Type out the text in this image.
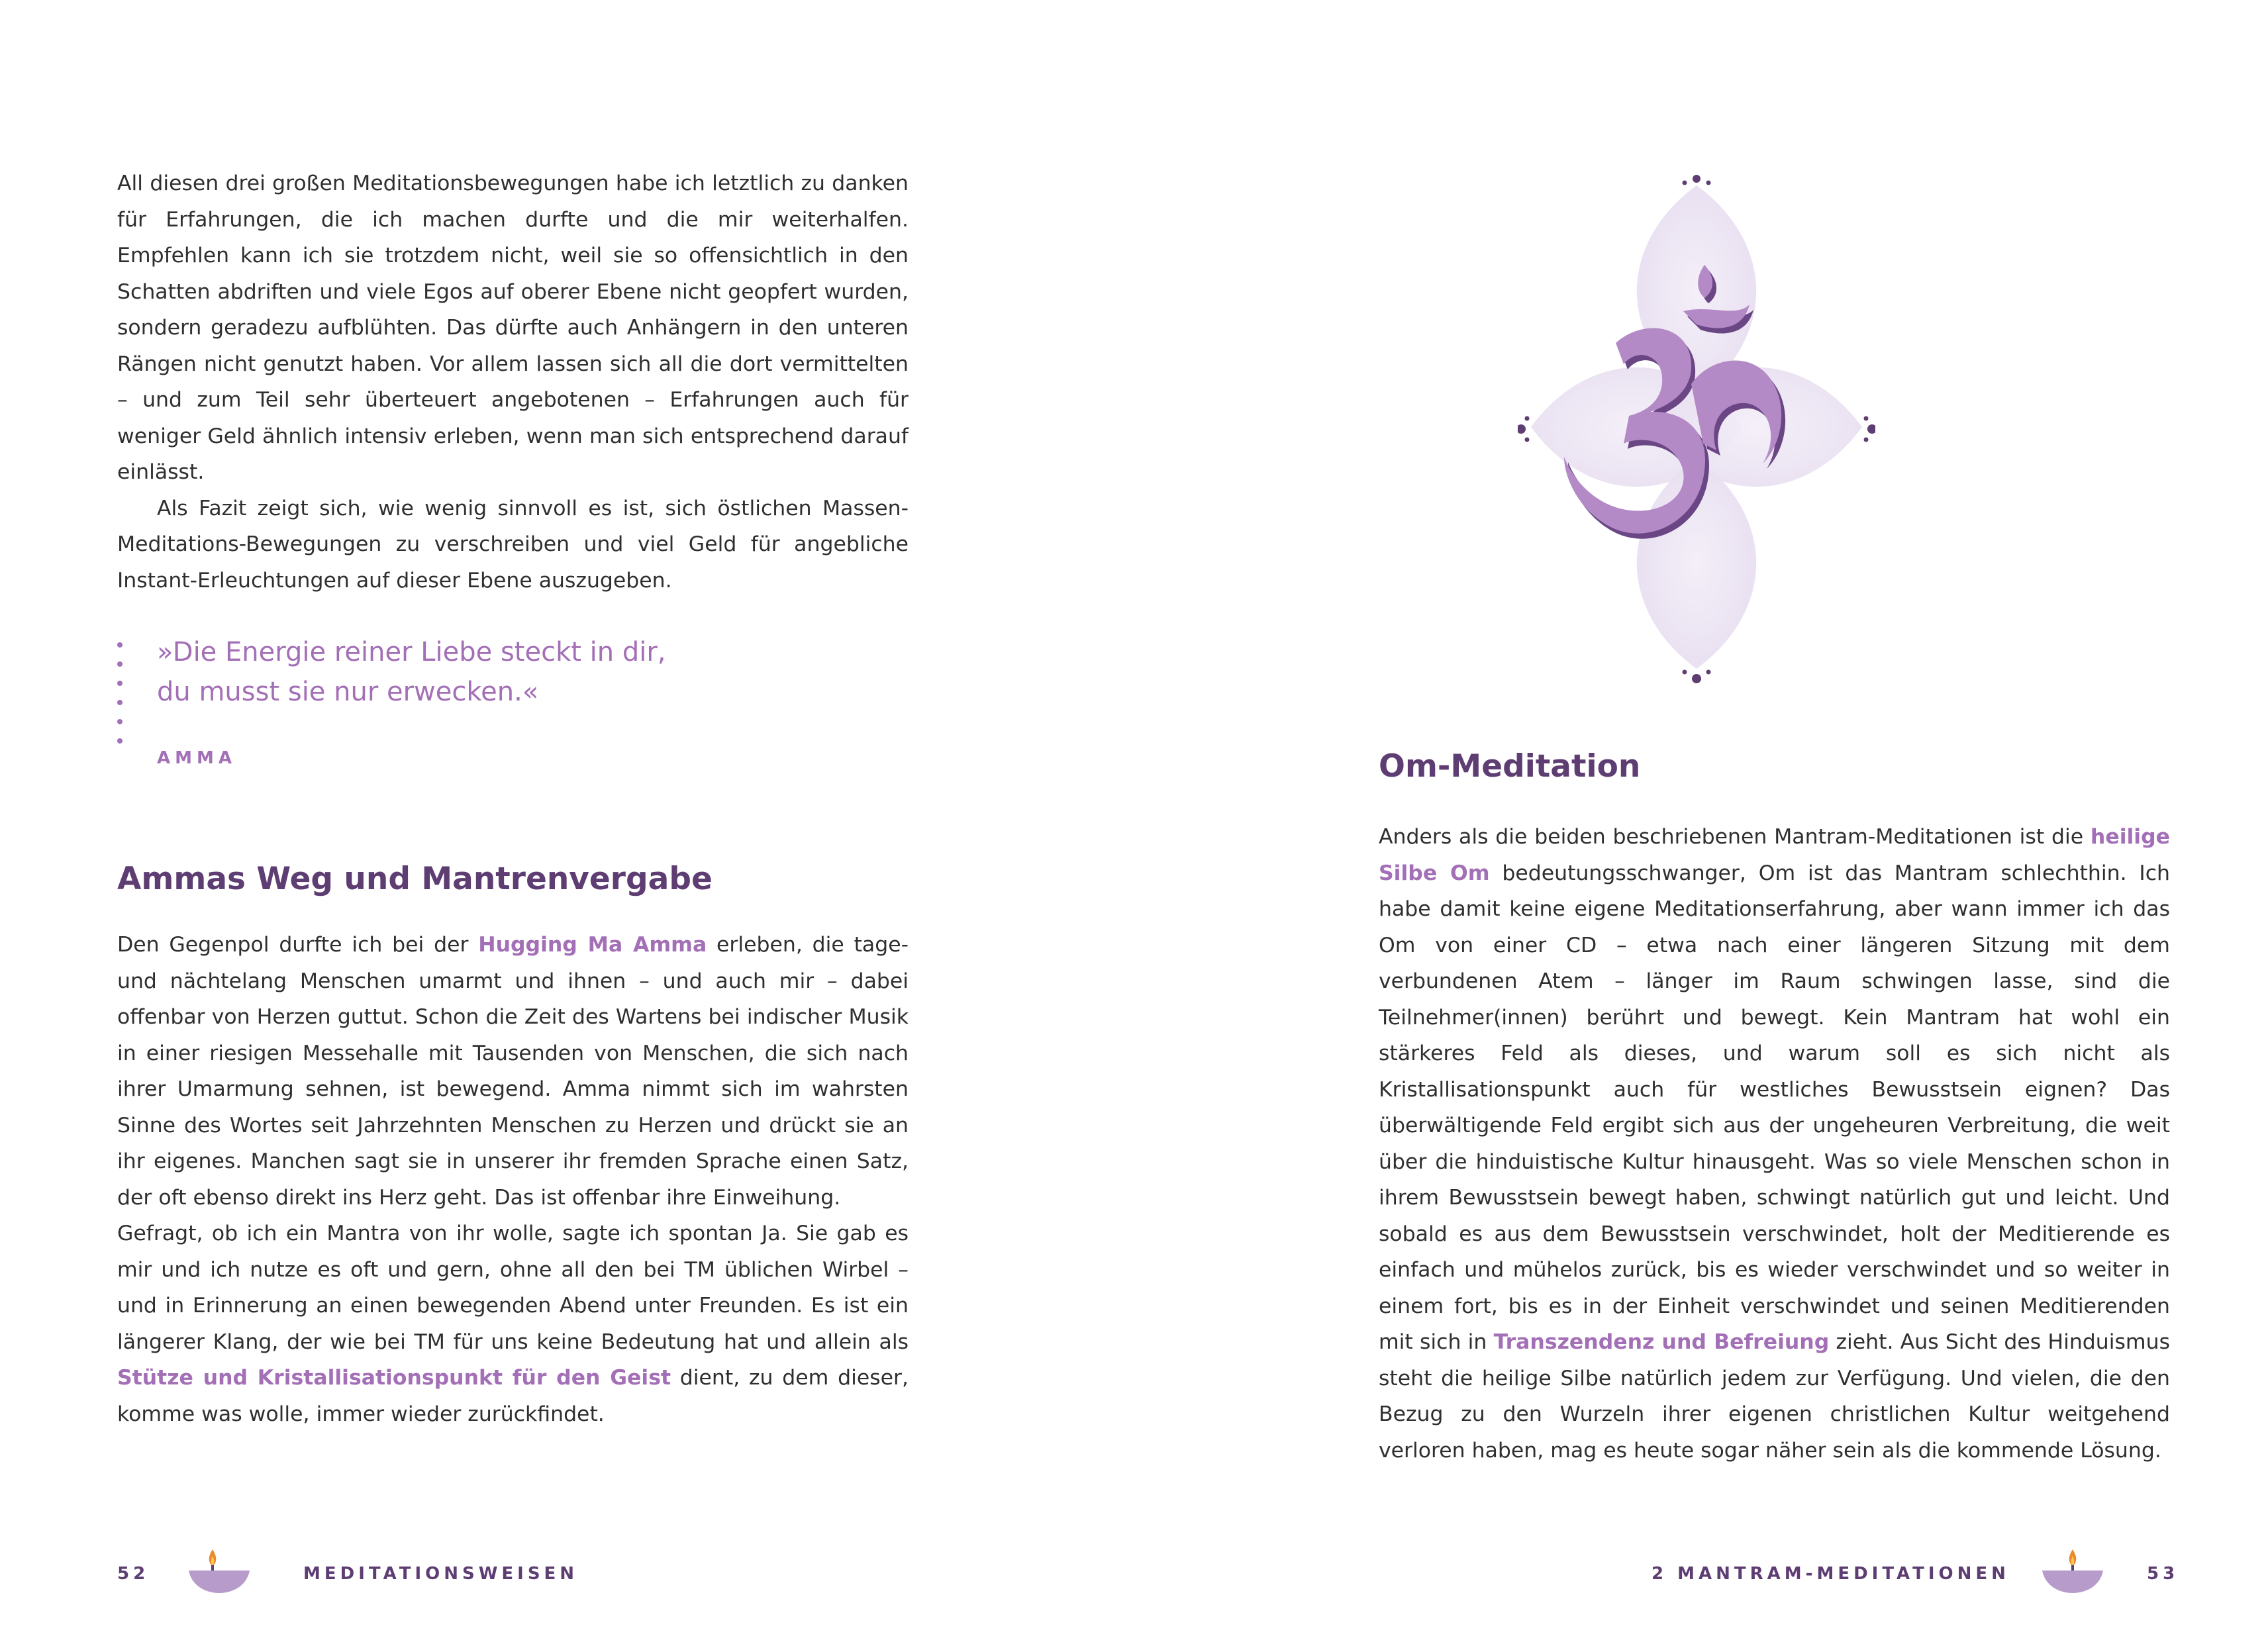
All diesen drei großen Meditationsbewegungen habe ich letztlich zu danken für Erfahrungen, die ich machen durfte und die mir weiterhalfen. Empfehlen kann ich sie trotzdem nicht, weil sie so offensichtlich in den Schatten abdriften und viele Egos auf oberer Ebene nicht geopfert wurden, sondern geradezu aufblühten. Das dürfte auch Anhängern in den unteren Rängen nicht genutzt haben. Vor allem lassen sich all die dort vermittelten – und zum Teil sehr überteuert angebotenen – Erfahrungen auch für weniger Geld ähnlich intensiv erleben, wenn man sich entsprechend darauf einlässt.

Als Fazit zeigt sich, wie wenig sinnvoll es ist, sich östlichen Massen-Meditations-Bewegungen zu verschreiben und viel Geld für angebliche Instant-Erleuchtungen auf dieser Ebene auszugeben.

»Die Energie reiner Liebe steckt in dir,
du musst sie nur erwecken.«
AMMA
Ammas Weg und Mantrenvergabe

Den Gegenpol durfte ich bei der Hugging Ma Amma erleben, die tage- und nächtelang Menschen umarmt und ihnen – und auch mir – dabei offenbar von Herzen guttut. Schon die Zeit des Wartens bei indischer Musik in einer riesigen Messehalle mit Tausenden von Menschen, die sich nach ihrer Umarmung sehnen, ist bewegend. Amma nimmt sich im wahrsten Sinne des Wortes seit Jahrzehnten Menschen zu Herzen und drückt sie an ihr eigenes. Manchen sagt sie in unserer ihr fremden Sprache einen Satz, der oft ebenso direkt ins Herz geht. Das ist offenbar ihre Einweihung.

Gefragt, ob ich ein Mantra von ihr wolle, sagte ich spontan Ja. Sie gab es mir und ich nutze es oft und gern, ohne all den bei TM üblichen Wirbel – und in Erinnerung an einen bewegenden Abend unter Freunden. Es ist ein längerer Klang, der wie bei TM für uns keine Bedeutung hat und allein als Stütze und Kristallisationspunkt für den Geist dient, zu dem dieser, komme was wolle, immer wieder zurückfindet.

52	MEDITATIONSWEISEN
Om-Meditation

Anders als die beiden beschriebenen Mantram-Meditationen ist die heilige Silbe Om bedeutungsschwanger, Om ist das Mantram schlechthin. Ich habe damit keine eigene Meditationserfahrung, aber wann immer ich das Om von einer CD – etwa nach einer längeren Sitzung mit dem verbundenen Atem – länger im Raum schwingen lasse, sind die Teilnehmer(innen) berührt und bewegt. Kein Mantram hat wohl ein stärkeres Feld als dieses, und warum soll es sich nicht als Kristallisationspunkt auch für westliches Bewusstsein eignen? Das überwältigende Feld ergibt sich aus der ungeheuren Verbreitung, die weit über die hinduistische Kultur hinausgeht. Was so viele Menschen schon in ihrem Bewusstsein bewegt haben, schwingt natürlich gut und leicht. Und sobald es aus dem Bewusstsein verschwindet, holt der Meditierende es einfach und mühelos zurück, bis es wieder verschwindet und so weiter in einem fort, bis es in der Einheit verschwindet und seinen Meditierenden mit sich in Transzendenz und Befreiung zieht. Aus Sicht des Hinduismus steht die heilige Silbe natürlich jedem zur Verfügung. Und vielen, die den Bezug zu den Wurzeln ihrer eigenen christlichen Kultur weitgehend verloren haben, mag es heute sogar näher sein als die kommende Lösung.

2 MANTRAM-MEDITATIONEN	53
